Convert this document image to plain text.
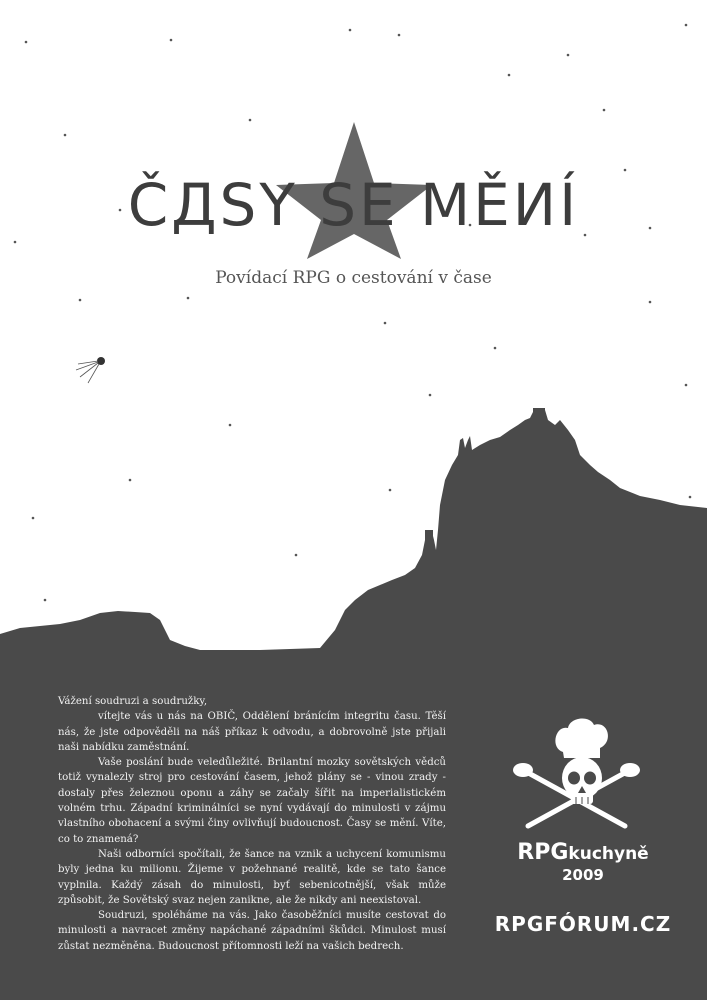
ČДSY SE MĚИÍ
Povídací RPG o cestování v čase

Vážení soudruzi a soudružky,

vítejte vás u nás na OBIČ, Oddělení bránícím integritu času. Těší nás, že jste odpověděli na náš příkaz k odvodu, a dobrovolně jste přijali naši nabídku zaměstnání.

Vaše poslání bude veledůležité. Brilantní mozky sovětských vědců totiž vynalezly stroj pro cestování časem, jehož plány se - vinou zrady - dostaly přes železnou oponu a záhy se začaly šířit na imperialistickém volném trhu. Západní kriminálníci se nyní vydávají do minulosti v zájmu vlastního obohacení a svými činy ovlivňují budoucnost. Časy se mění. Víte, co to znamená?

Naši odborníci spočítali, že šance na vznik a uchycení komunismu byly jedna ku milionu. Žijeme v požehnané realitě, kde se tato šance vyplnila. Každý zásah do minulosti, byť sebenicotnější, však může způsobit, že Sovětský svaz nejen zanikne, ale že nikdy ani neexistoval.

Soudruzi, spoléháme na vás. Jako časoběžníci musíte cestovat do minulosti a navracet změny napáchané západními škůdci. Minulost musí zůstat nezměněna. Budoucnost přítomnosti leží na vašich bedrech.

RPGkuchyně
2009
RPGFÓRUM.CZ
